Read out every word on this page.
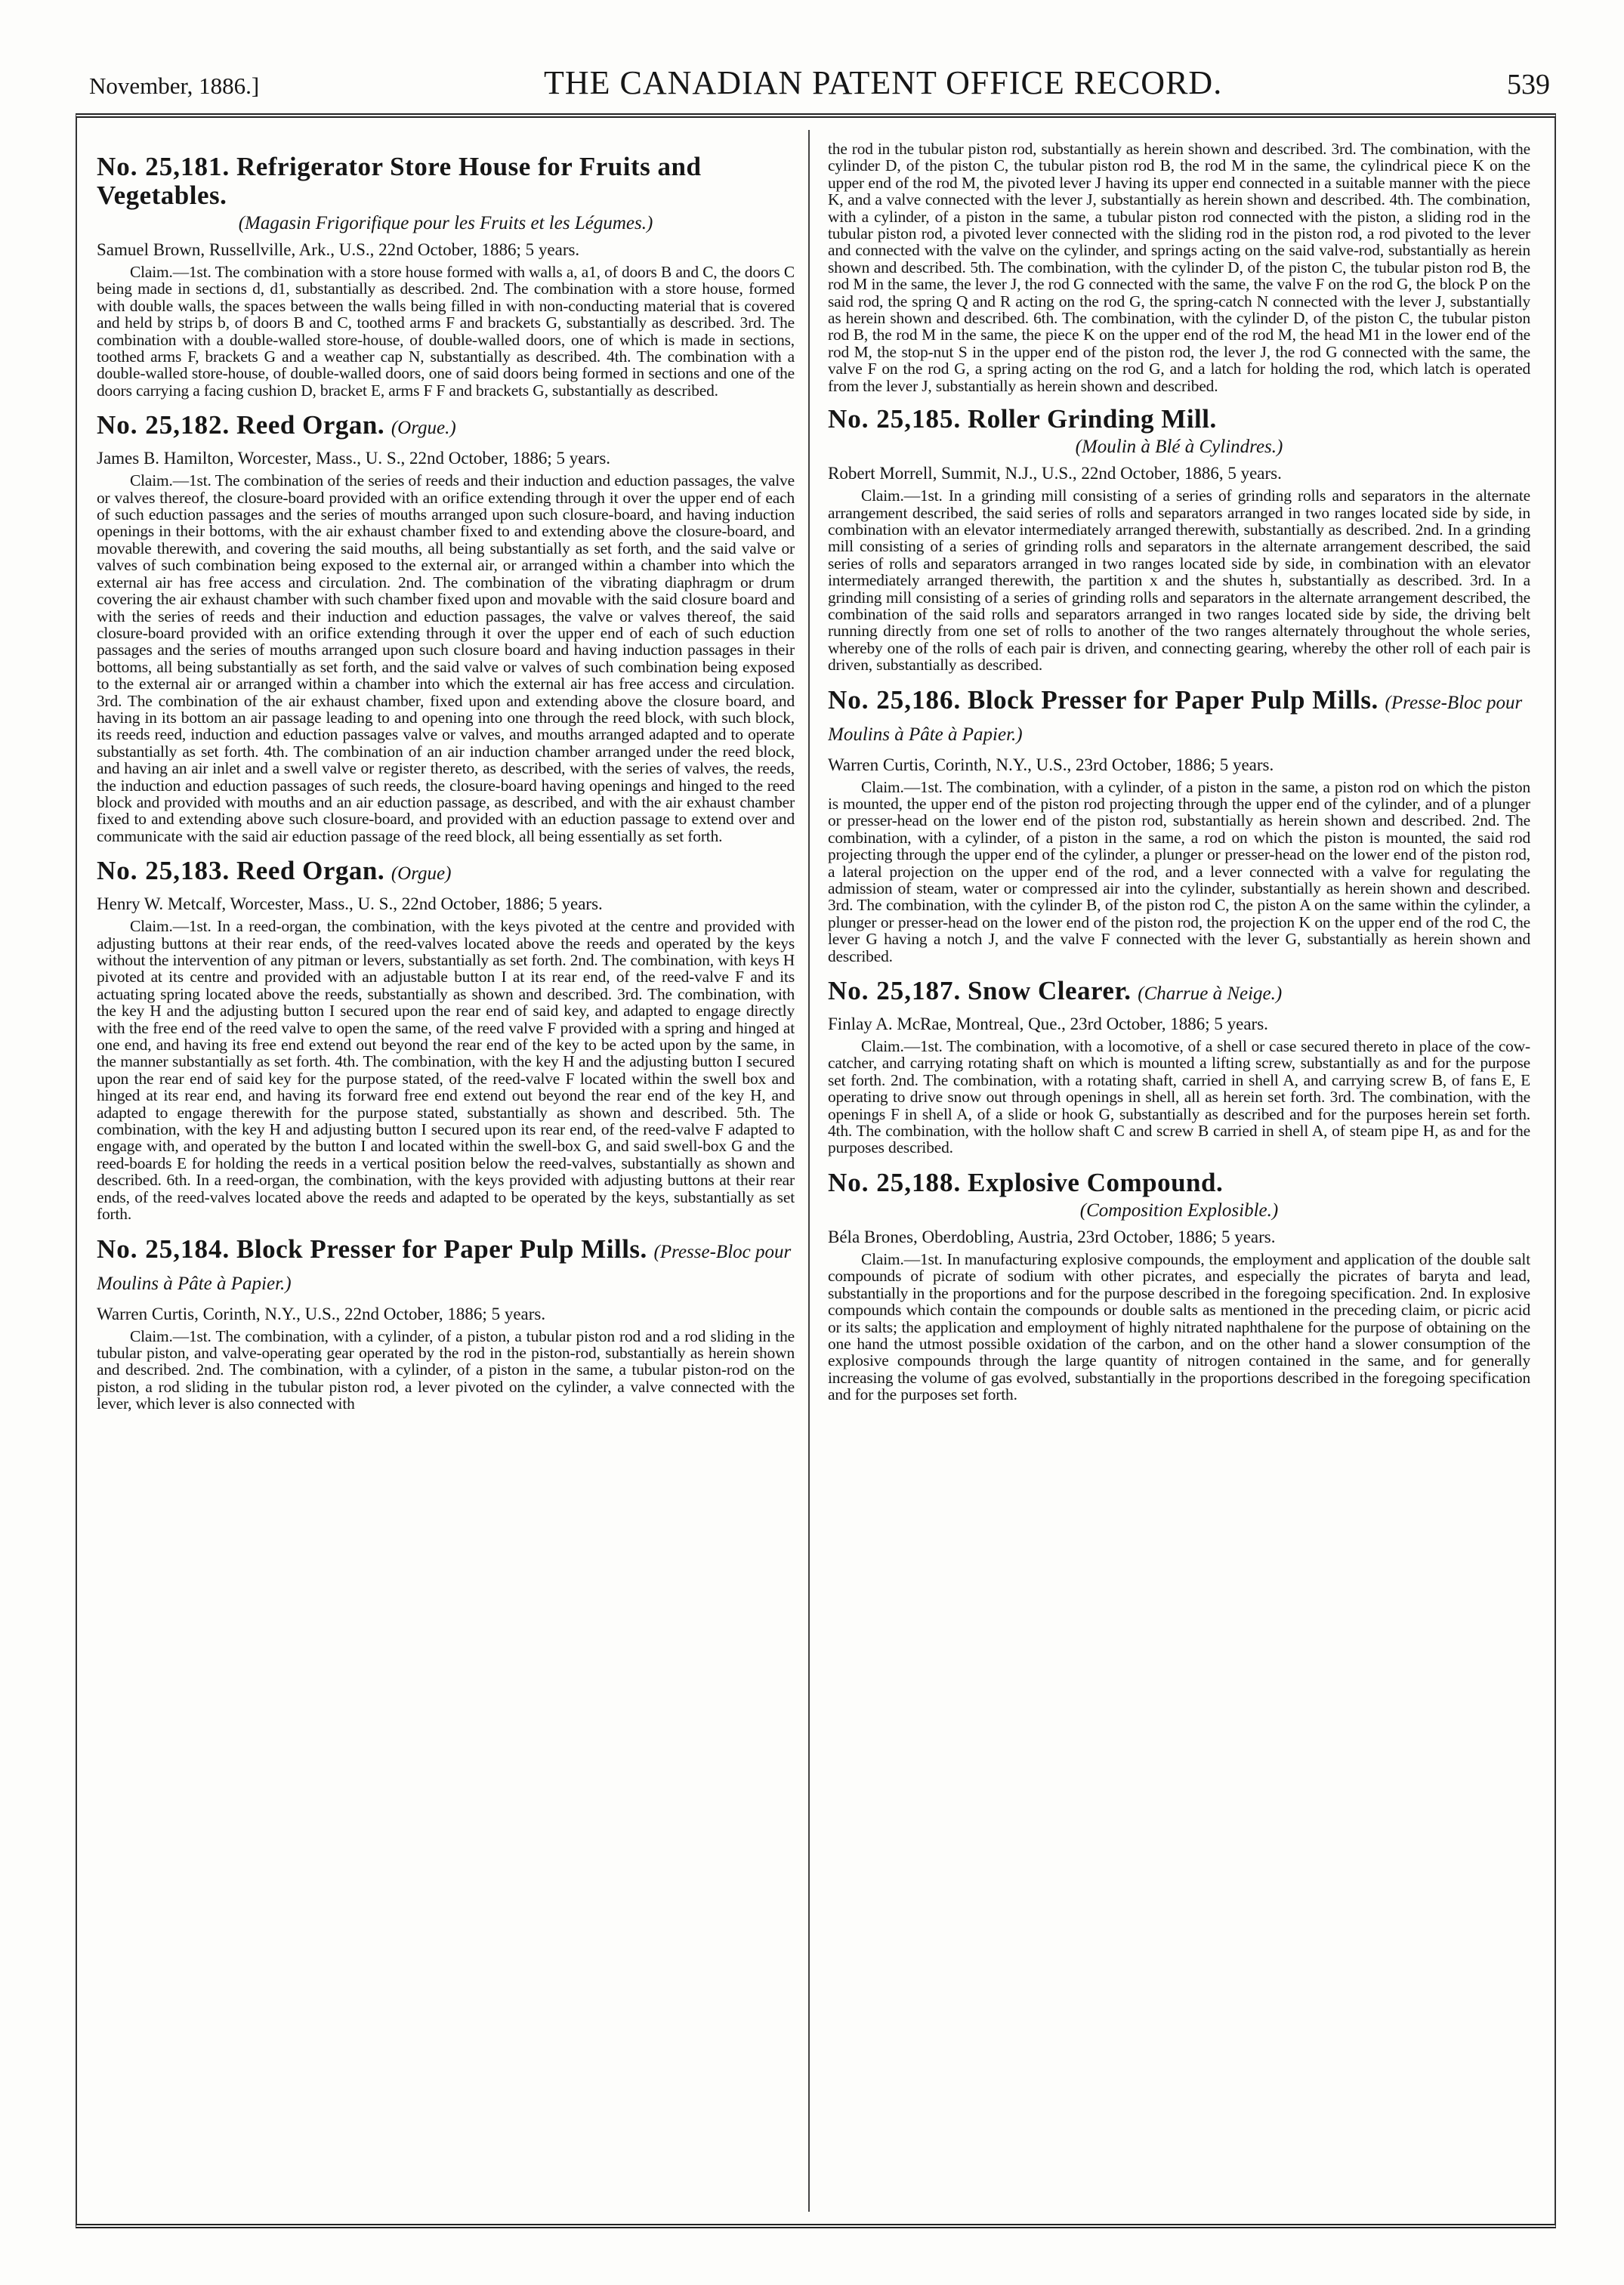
November, 1886.]	THE CANADIAN PATENT OFFICE RECORD.	539
No. 25,181. Refrigerator Store House for Fruits and Vegetables.
(Magasin Frigorifique pour les Fruits et les Légumes.)
Samuel Brown, Russellville, Ark., U.S., 22nd October, 1886; 5 years.

Claim.—1st. The combination with a store house formed with walls a, a1, of doors B and C, the doors C being made in sections d, d1, substantially as described. 2nd. The combination with a store house, formed with double walls, the spaces between the walls being filled in with non-conducting material that is covered and held by strips b, of doors B and C, toothed arms F and brackets G, substantially as described. 3rd. The combination with a double-walled store-house, of double-walled doors, one of which is made in sections, toothed arms F, brackets G and a weather cap N, substantially as described. 4th. The combination with a double-walled store-house, of double-walled doors, one of said doors being formed in sections and one of the doors carrying a facing cushion D, bracket E, arms F F and brackets G, substantially as described.

No. 25,182. Reed Organ. (Orgue.)
James B. Hamilton, Worcester, Mass., U. S., 22nd October, 1886; 5 years.

Claim.—1st. The combination of the series of reeds and their induction and eduction passages, the valve or valves thereof, the closure-board provided with an orifice extending through it over the upper end of each of such eduction passages and the series of mouths arranged upon such closure-board, and having induction openings in their bottoms, with the air exhaust chamber fixed to and extending above the closure-board, and movable therewith, and covering the said mouths, all being substantially as set forth, and the said valve or valves of such combination being exposed to the external air, or arranged within a chamber into which the external air has free access and circulation. 2nd. The combination of the vibrating diaphragm or drum covering the air exhaust chamber with such chamber fixed upon and movable with the said closure board and with the series of reeds and their induction and eduction passages, the valve or valves thereof, the said closure-board provided with an orifice extending through it over the upper end of each of such eduction passages and the series of mouths arranged upon such closure board and having induction passages in their bottoms, all being substantially as set forth, and the said valve or valves of such combination being exposed to the external air or arranged within a chamber into which the external air has free access and circulation. 3rd. The combination of the air exhaust chamber, fixed upon and extending above the closure board, and having in its bottom an air passage leading to and opening into one through the reed block, with such block, its reeds reed, induction and eduction passages valve or valves, and mouths arranged adapted and to operate substantially as set forth. 4th. The combination of an air induction chamber arranged under the reed block, and having an air inlet and a swell valve or register thereto, as described, with the series of valves, the reeds, the induction and eduction passages of such reeds, the closure-board having openings and hinged to the reed block and provided with mouths and an air eduction passage, as described, and with the air exhaust chamber fixed to and extending above such closure-board, and provided with an eduction passage to extend over and communicate with the said air eduction passage of the reed block, all being essentially as set forth.

No. 25,183. Reed Organ. (Orgue)
Henry W. Metcalf, Worcester, Mass., U. S., 22nd October, 1886; 5 years.

Claim.—1st. In a reed-organ, the combination, with the keys pivoted at the centre and provided with adjusting buttons at their rear ends, of the reed-valves located above the reeds and operated by the keys without the intervention of any pitman or levers, substantially as set forth. 2nd. The combination, with keys H pivoted at its centre and provided with an adjustable button I at its rear end, of the reed-valve F and its actuating spring located above the reeds, substantially as shown and described. 3rd. The combination, with the key H and the adjusting button I secured upon the rear end of said key, and adapted to engage directly with the free end of the reed valve to open the same, of the reed valve F provided with a spring and hinged at one end, and having its free end extend out beyond the rear end of the key to be acted upon by the same, in the manner substantially as set forth. 4th. The combination, with the key H and the adjusting button I secured upon the rear end of said key for the purpose stated, of the reed-valve F located within the swell box and hinged at its rear end, and having its forward free end extend out beyond the rear end of the key H, and adapted to engage therewith for the purpose stated, substantially as shown and described. 5th. The combination, with the key H and adjusting button I secured upon its rear end, of the reed-valve F adapted to engage with, and operated by the button I and located within the swell-box G, and said swell-box G and the reed-boards E for holding the reeds in a vertical position below the reed-valves, substantially as shown and described. 6th. In a reed-organ, the combination, with the keys provided with adjusting buttons at their rear ends, of the reed-valves located above the reeds and adapted to be operated by the keys, substantially as set forth.

No. 25,184. Block Presser for Paper Pulp Mills. (Presse-Bloc pour Moulins à Pâte à Papier.)
Warren Curtis, Corinth, N.Y., U.S., 22nd October, 1886; 5 years.

Claim.—1st. The combination, with a cylinder, of a piston, a tubular piston rod and a rod sliding in the tubular piston, and valve-operating gear operated by the rod in the piston-rod, substantially as herein shown and described. 2nd. The combination, with a cylinder, of a piston in the same, a tubular piston-rod on the piston, a rod sliding in the tubular piston rod, a lever pivoted on the cylinder, a valve connected with the lever, which lever is also connected with

the rod in the tubular piston rod, substantially as herein shown and described. 3rd. The combination, with the cylinder D, of the piston C, the tubular piston rod B, the rod M in the same, the cylindrical piece K on the upper end of the rod M, the pivoted lever J having its upper end connected in a suitable manner with the piece K, and a valve connected with the lever J, substantially as herein shown and described. 4th. The combination, with a cylinder, of a piston in the same, a tubular piston rod connected with the piston, a sliding rod in the tubular piston rod, a pivoted lever connected with the sliding rod in the piston rod, a rod pivoted to the lever and connected with the valve on the cylinder, and springs acting on the said valve-rod, substantially as herein shown and described. 5th. The combination, with the cylinder D, of the piston C, the tubular piston rod B, the rod M in the same, the lever J, the rod G connected with the same, the valve F on the rod G, the block P on the said rod, the spring Q and R acting on the rod G, the spring-catch N connected with the lever J, substantially as herein shown and described. 6th. The combination, with the cylinder D, of the piston C, the tubular piston rod B, the rod M in the same, the piece K on the upper end of the rod M, the head M1 in the lower end of the rod M, the stop-nut S in the upper end of the piston rod, the lever J, the rod G connected with the same, the valve F on the rod G, a spring acting on the rod G, and a latch for holding the rod, which latch is operated from the lever J, substantially as herein shown and described.

No. 25,185. Roller Grinding Mill.
(Moulin à Blé à Cylindres.)
Robert Morrell, Summit, N.J., U.S., 22nd October, 1886, 5 years.

Claim.—1st. In a grinding mill consisting of a series of grinding rolls and separators in the alternate arrangement described, the said series of rolls and separators arranged in two ranges located side by side, in combination with an elevator intermediately arranged therewith, substantially as described. 2nd. In a grinding mill consisting of a series of grinding rolls and separators in the alternate arrangement described, the said series of rolls and separators arranged in two ranges located side by side, in combination with an elevator intermediately arranged therewith, the partition x and the shutes h, substantially as described. 3rd. In a grinding mill consisting of a series of grinding rolls and separators in the alternate arrangement described, the combination of the said rolls and separators arranged in two ranges located side by side, the driving belt running directly from one set of rolls to another of the two ranges alternately throughout the whole series, whereby one of the rolls of each pair is driven, and connecting gearing, whereby the other roll of each pair is driven, substantially as described.

No. 25,186. Block Presser for Paper Pulp Mills. (Presse-Bloc pour Moulins à Pâte à Papier.)
Warren Curtis, Corinth, N.Y., U.S., 23rd October, 1886; 5 years.

Claim.—1st. The combination, with a cylinder, of a piston in the same, a piston rod on which the piston is mounted, the upper end of the piston rod projecting through the upper end of the cylinder, and of a plunger or presser-head on the lower end of the piston rod, substantially as herein shown and described. 2nd. The combination, with a cylinder, of a piston in the same, a rod on which the piston is mounted, the said rod projecting through the upper end of the cylinder, a plunger or presser-head on the lower end of the piston rod, a lateral projection on the upper end of the rod, and a lever connected with a valve for regulating the admission of steam, water or compressed air into the cylinder, substantially as herein shown and described. 3rd. The combination, with the cylinder B, of the piston rod C, the piston A on the same within the cylinder, a plunger or presser-head on the lower end of the piston rod, the projection K on the upper end of the rod C, the lever G having a notch J, and the valve F connected with the lever G, substantially as herein shown and described.

No. 25,187. Snow Clearer. (Charrue à Neige.)
Finlay A. McRae, Montreal, Que., 23rd October, 1886; 5 years.

Claim.—1st. The combination, with a locomotive, of a shell or case secured thereto in place of the cow-catcher, and carrying rotating shaft on which is mounted a lifting screw, substantially as and for the purpose set forth. 2nd. The combination, with a rotating shaft, carried in shell A, and carrying screw B, of fans E, E operating to drive snow out through openings in shell, all as herein set forth. 3rd. The combination, with the openings F in shell A, of a slide or hook G, substantially as described and for the purposes herein set forth. 4th. The combination, with the hollow shaft C and screw B carried in shell A, of steam pipe H, as and for the purposes described.

No. 25,188. Explosive Compound.
(Composition Explosible.)
Béla Brones, Oberdobling, Austria, 23rd October, 1886; 5 years.

Claim.—1st. In manufacturing explosive compounds, the employment and application of the double salt compounds of picrate of sodium with other picrates, and especially the picrates of baryta and lead, substantially in the proportions and for the purpose described in the foregoing specification. 2nd. In explosive compounds which contain the compounds or double salts as mentioned in the preceding claim, or picric acid or its salts; the application and employment of highly nitrated naphthalene for the purpose of obtaining on the one hand the utmost possible oxidation of the carbon, and on the other hand a slower consumption of the explosive compounds through the large quantity of nitrogen contained in the same, and for generally increasing the volume of gas evolved, substantially in the proportions described in the foregoing specification and for the purposes set forth.
